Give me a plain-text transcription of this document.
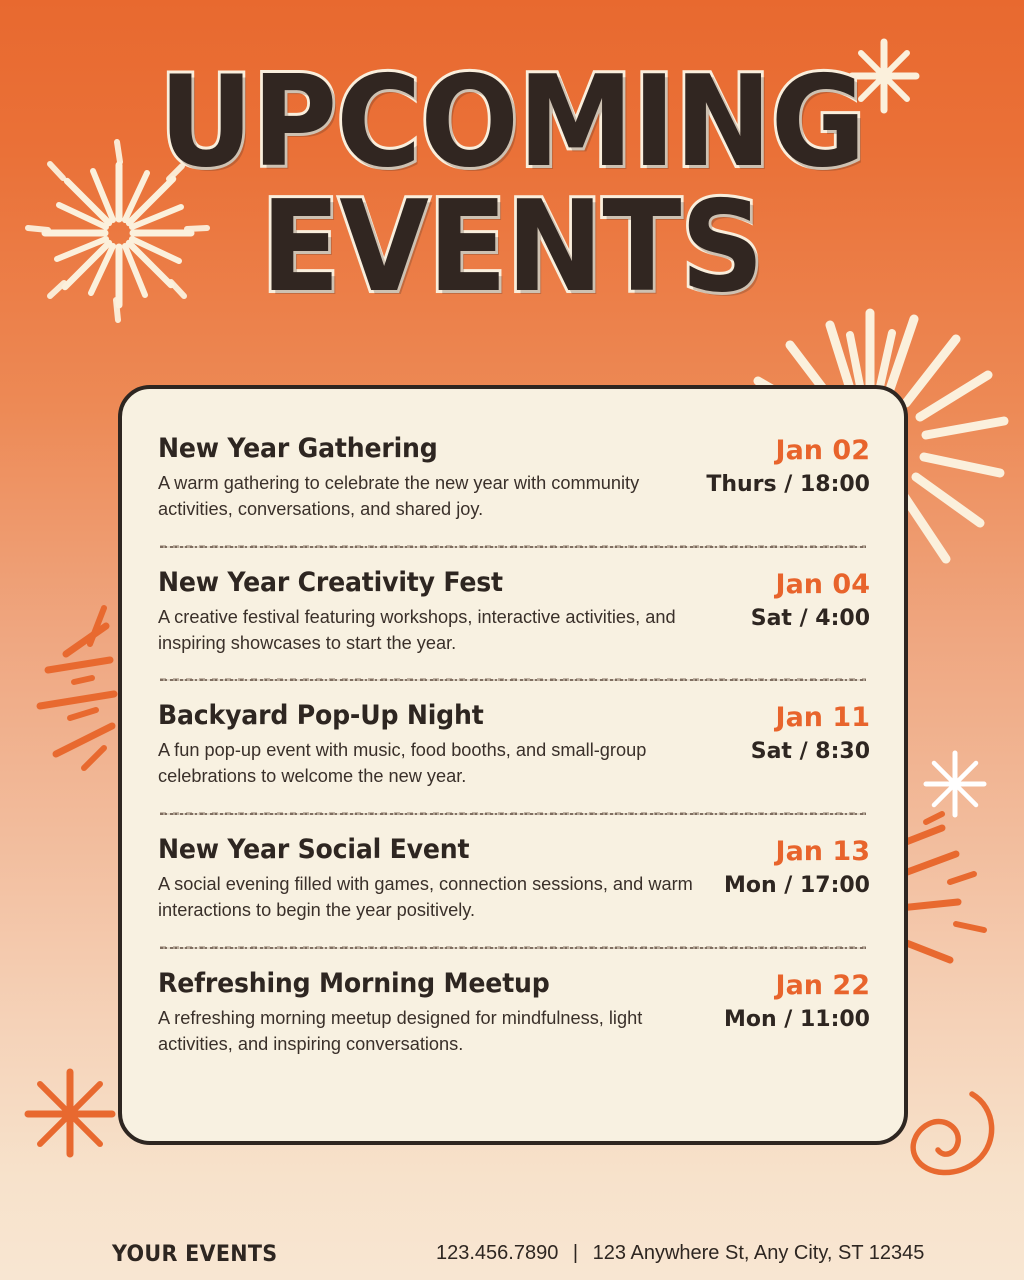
UPCOMING
EVENTS
New Year Gathering
A warm gathering to celebrate the new year with community activities, conversations, and shared joy.
Jan 02
Thurs / 18:00
New Year Creativity Fest
A creative festival featuring workshops, interactive activities, and inspiring showcases to start the year.
Jan 04
Sat / 4:00
Backyard Pop-Up Night
A fun pop-up event with music, food booths, and small-group celebrations to welcome the new year.
Jan 11
Sat / 8:30
New Year Social Event
A social evening filled with games, connection sessions, and warm interactions to begin the year positively.
Jan 13
Mon / 17:00
Refreshing Morning Meetup
A refreshing morning meetup designed for mindfulness, light activities, and inspiring conversations.
Jan 22
Mon / 11:00
YOUR EVENTS	123.456.7890 | 123 Anywhere St, Any City, ST 12345
